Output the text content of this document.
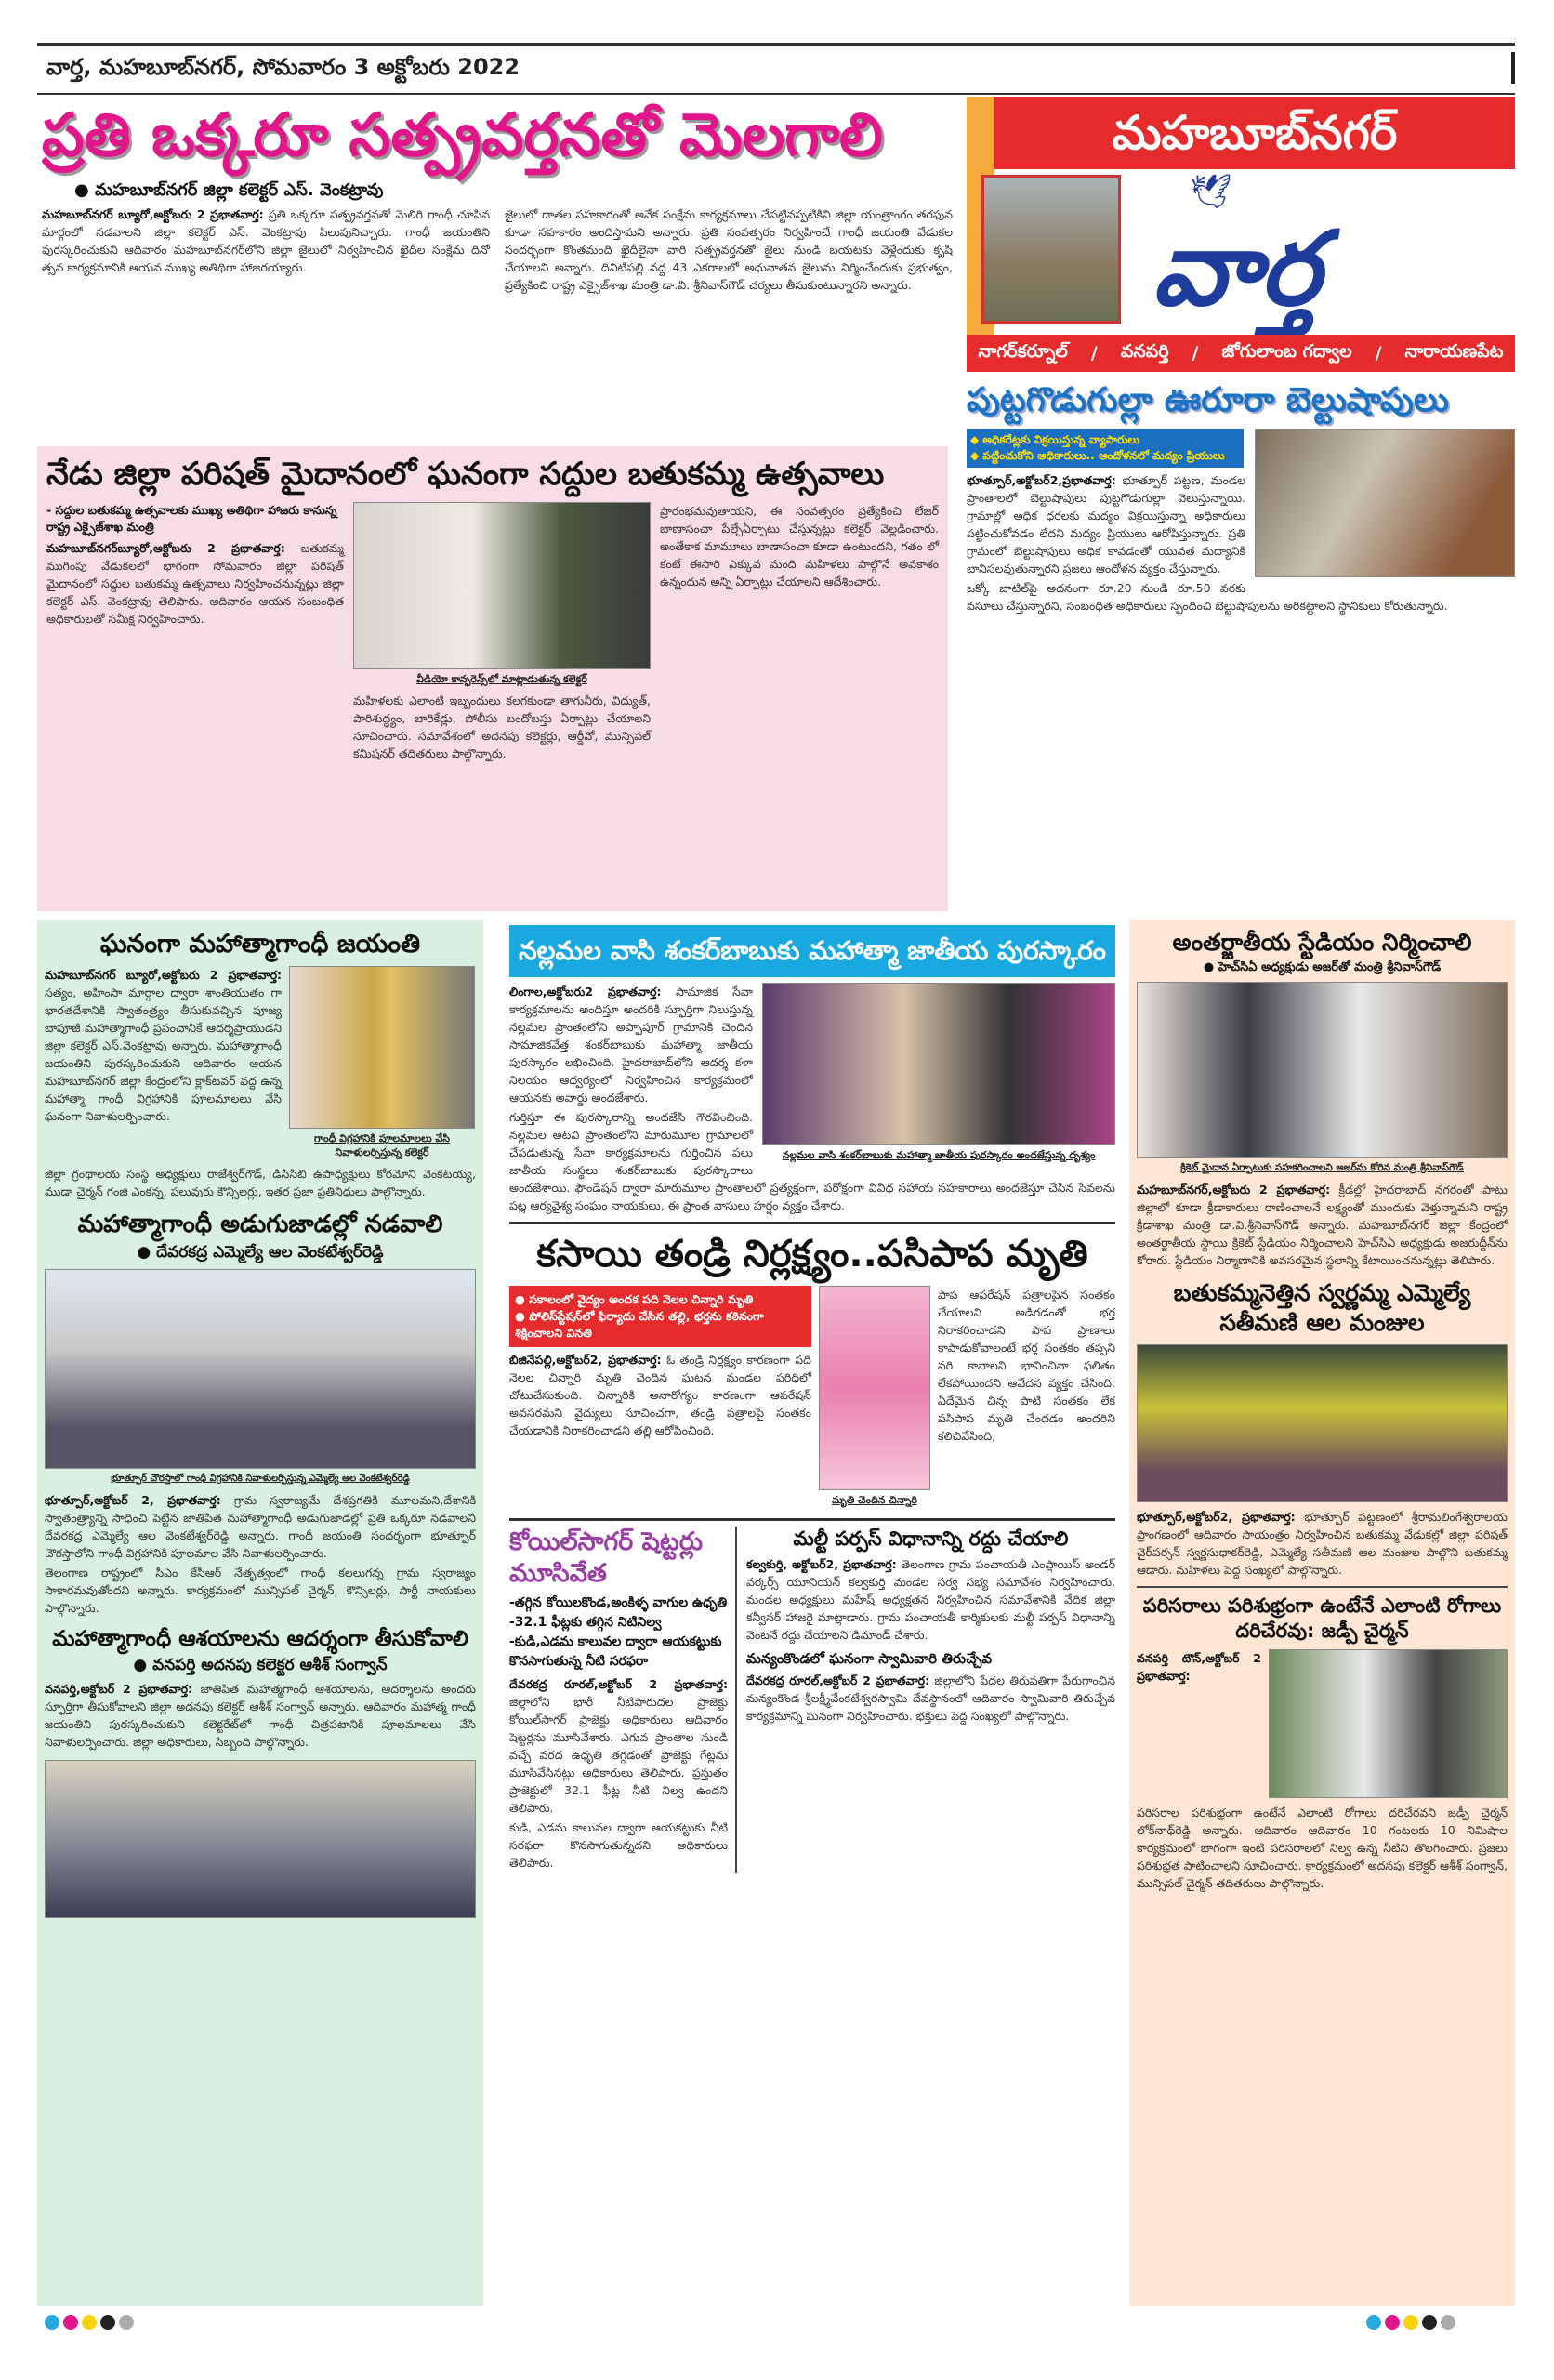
వార్త, మహబూబ్‌నగర్, సోమవారం 3 అక్టోబరు 2022
ప్రతి ఒక్కరూ సత్ప్రవర్తనతో మెలగాలి
● మహబూబ్‌నగర్ జిల్లా కలెక్టర్ ఎస్. వెంకట్రావు

మహబూబ్‌నగర్ బ్యూరో,అక్టోబరు 2 ప్రభాతవార్త: ప్రతి ఒక్కరూ సత్ప్రవర్తనతో మెలిగి గాంధీ చూపిన మార్గంలో నడవాలని జిల్లా కలెక్టర్ ఎస్. వెంకట్రావు పిలుపునిచ్చారు. గాంధీ జయంతిని పురస్కరించుకుని ఆదివారం మహబూబ్‌నగర్‌లోని జిల్లా జైలులో నిర్వహించిన ఖైదీల సంక్షేమ దినో త్సవ కార్యక్రమానికి ఆయన ముఖ్య అతిథిగా హాజరయ్యారు.

జైలులో దాతల సహకారంతో అనేక సంక్షేమ కార్యక్రమాలు చేపట్టినప్పటికిని జిల్లా యంత్రాంగం తరఫున కూడా సహకారం అందిస్తామని అన్నారు. ప్రతి సంవత్సరం నిర్వహించే గాంధీ జయంతి వేడుకల సందర్భంగా కొంతమంది ఖైదీలైనా వారి సత్ప్రవర్తనతో జైలు నుండి బయటకు వెళ్లేందుకు కృషి చేయాలని అన్నారు. దివిటిపల్లి వద్ద 43 ఎకరాలలో అధునాతన జైలును నిర్మించేందుకు ప్రభుత్వం, ప్రత్యేకించి రాష్ట్ర ఎక్సైజ్‌శాఖ మంత్రి డా.వి. శ్రీనివాస్‌గౌడ్ చర్యలు తీసుకుంటున్నారని అన్నారు.

మహబూబ్‌నగర్
వార్త
🕊
నాగర్‌కర్నూల్ / వనపర్తి / జోగులాంబ గద్వాల / నారాయణపేట
పుట్టగొడుగుల్లా ఊరూరా బెల్టుషాపులు
◆ అధికరేట్లకు విక్రయిస్తున్న వ్యాపారులు
◆ పట్టించుకోని అధికారులు.. ఆందోళనలో మద్యం ప్రియులు

భూత్పూర్,అక్టోబర్2,ప్రభాతవార్త: భూత్పూర్ పట్టణ, మండల ప్రాంతాలలో బెల్టుషాపులు పుట్టగొడుగుల్లా వెలుస్తున్నాయి. గ్రామాల్లో అధిక ధరలకు మద్యం విక్రయిస్తున్నా అధికారులు పట్టించుకోవడం లేదని మద్యం ప్రియులు ఆరోపిస్తున్నారు. ప్రతి గ్రామంలో బెల్టుషాపులు అధిక కావడంతో యువత మద్యానికి బానిసలవుతున్నారని ప్రజలు ఆందోళన వ్యక్తం చేస్తున్నారు.

ఒక్కో బాటిల్‌పై అదనంగా రూ.20 నుండి రూ.50 వరకు వసూలు చేస్తున్నారని, సంబంధిత అధికారులు స్పందించి బెల్టుషాపులను అరికట్టాలని స్థానికులు కోరుతున్నారు.

నేడు జిల్లా పరిషత్ మైదానంలో ఘనంగా సద్దుల బతుకమ్మ ఉత్సవాలు
- సద్దుల బతుకమ్మ ఉత్సవాలకు ముఖ్య అతిథిగా హాజరు కానున్న రాష్ట్ర ఎక్సైజ్‌శాఖ మంత్రి

మహబూబ్‌నగర్‌బ్యూరో,అక్టోబరు 2 ప్రభాతవార్త: బతుకమ్మ ముగింపు వేడుకలలో భాగంగా సోమవారం జిల్లా పరిషత్ మైదానంలో సద్దుల బతుకమ్మ ఉత్సవాలు నిర్వహించనున్నట్లు జిల్లా కలెక్టర్ ఎస్. వెంకట్రావు తెలిపారు. ఆదివారం ఆయన సంబంధిత అధికారులతో సమీక్ష నిర్వహించారు.

వీడియో కాన్ఫరెన్స్‌లో మాట్లాడుతున్న కలెక్టర్

మహిళలకు ఎలాంటి ఇబ్బందులు కలగకుండా తాగునీరు, విద్యుత్, పారిశుద్ధ్యం, బారికేడ్లు, పోలీసు బందోబస్తు ఏర్పాట్లు చేయాలని సూచించారు. సమావేశంలో అదనపు కలెక్టర్లు, ఆర్డీవో, మున్సిపల్ కమిషనర్ తదితరులు పాల్గొన్నారు.

ప్రారంభమవుతాయని, ఈ సంవత్సరం ప్రత్యేకించి లేజర్ బాణాసంచా పేల్చేఏర్పాటు చేస్తున్నట్లు కలెక్టర్ వెల్లడించారు. అంతేకాక మామూలు బాణాసంచా కూడా ఉంటుందని, గతం లో కంటే ఈసారి ఎక్కువ మంది మహిళలు పాల్గొనే అవకాశం ఉన్నందున అన్ని ఏర్పాట్లు చేయాలని ఆదేశించారు.

ఘనంగా మహాత్మాగాంధీ జయంతి

మహబూబ్‌నగర్ బ్యూరో,అక్టోబరు 2 ప్రభాతవార్త: సత్యం, అహింసా మార్గాల ద్వారా శాంతియుతం గా భారతదేశానికి స్వాతంత్ర్యం తీసుకువచ్చిన పూజ్య బాపూజీ మహాత్మాగాంధీ ప్రపంచానికే ఆదర్శప్రాయుడని జిల్లా కలెక్టర్ ఎస్.వెంకట్రావు అన్నారు. మహాత్మాగాంధీ జయంతిని పురస్కరించుకుని ఆదివారం ఆయన మహబూబ్‌నగర్ జిల్లా కేంద్రంలోని క్లాక్‌టవర్ వద్ద ఉన్న మహాత్మా గాంధీ విగ్రహానికి పూలమాలలు వేసి ఘనంగా నివాళులర్పించారు.

గాంధీ విగ్రహానికి పూలమాలలు వేసి నివాళులర్పిస్తున్న కలెక్టర్

జిల్లా గ్రంథాలయ సంస్థ అధ్యక్షులు రాజేశ్వర్‌గౌడ్, డిసిసిబి ఉపాధ్యక్షులు కోరమోని వెంకటయ్య, ముడా చైర్మన్ గంజి ఎంకన్న, పలువురు కౌన్సిలర్లు, ఇతర ప్రజా ప్రతినిధులు పాల్గొన్నారు.

మహాత్మాగాంధీ అడుగుజాడల్లో నడవాలి
● దేవరకద్ర ఎమ్మెల్యే ఆల వెంకటేశ్వర్‌రెడ్డి
భూత్పూర్ చౌరస్తాలో గాంధీ విగ్రహానికి నివాళులర్పిస్తున్న ఎమ్మెల్యే ఆల వెంకటేశ్వర్‌రెడ్డి

భూత్పూర్,అక్టోబర్ 2, ప్రభాతవార్త: గ్రామ స్వరాజ్యమే దేశప్రగతికి మూలమని,దేశానికి స్వాతంత్ర్యాన్ని సాధించి పెట్టిన జాతిపిత మహాత్మాగాంధీ అడుగుజాడల్లో ప్రతి ఒక్కరూ నడవాలని దేవరకద్ర ఎమ్మెల్యే ఆల వెంకటేశ్వర్‌రెడ్డి అన్నారు. గాంధీ జయంతి సందర్భంగా భూత్పూర్ చౌరస్తాలోని గాంధీ విగ్రహానికి పూలమాల వేసి నివాళులర్పించారు.

తెలంగాణ రాష్ట్రంలో సీఎం కేసీఆర్ నేతృత్వంలో గాంధీ కలలుగన్న గ్రామ స్వరాజ్యం సాకారమవుతోందని అన్నారు. కార్యక్రమంలో మున్సిపల్ చైర్మన్, కౌన్సిలర్లు, పార్టీ నాయకులు పాల్గొన్నారు.

మహాత్మాగాంధీ ఆశయాలను ఆదర్శంగా తీసుకోవాలి
● వనపర్తి అదనపు కలెక్టర ఆశీశ్ సంగ్వాన్

వనపర్తి,అక్టోబర్ 2 ప్రభాతవార్త: జాతిపిత మహాత్మగాంధీ ఆశయాలను, ఆదర్శాలను అందరు స్ఫూర్తిగా తీసుకోవాలని జిల్లా అదనపు కలెక్టర్ ఆశీశ్ సంగ్వాన్ అన్నారు. ఆదివారం మహాత్మ గాంధీ జయంతిని పురస్కరించుకుని కలెక్టరేట్‌లో గాంధీ చిత్రపటానికి పూలమాలలు వేసి నివాళులర్పించారు. జిల్లా అధికారులు, సిబ్బంది పాల్గొన్నారు.

నల్లమల వాసి శంకర్‌బాబుకు మహాత్మా జాతీయ పురస్కారం
నల్లమల వాసి శంకర్‌బాబుకు మహాత్మా జాతీయ పురస్కారం అందజేస్తున్న దృశ్యం

లింగాల,అక్టోబరు2 ప్రభాతవార్త: సామాజిక సేవా కార్యక్రమాలను అందిస్తూ అందరికి స్ఫూర్తిగా నిలుస్తున్న నల్లమల ప్రాంతంలోని అప్పాపూర్ గ్రామానికి చెందిన సామాజికవేత్త శంకర్‌బాబుకు మహాత్మా జాతీయ పురస్కారం లభించింది. హైదరాబాద్‌లోని ఆదర్శ కళా నిలయం ఆధ్వర్యంలో నిర్వహించిన కార్యక్రమంలో ఆయనకు అవార్డు అందజేశారు.

గుర్తిస్తూ ఈ పురస్కారాన్ని అందజేసి గౌరవించింది. నల్లమల అటవి ప్రాంతంలోని మారుమూల గ్రామాలలో చేపడుతున్న సేవా కార్యక్రమాలను గుర్తించిన పలు జాతీయ సంస్థలు శంకర్‌బాబుకు పురస్కారాలు అందజేశాయి. ఫౌండేషన్ ద్వారా మారుమూల ప్రాంతాలలో ప్రత్యక్షంగా, పరోక్షంగా వివిధ సహాయ సహకారాలు అందజేస్తూ చేసిన సేవలను పట్ల ఆర్యవైశ్య సంఘం నాయకులు, ఈ ప్రాంత వాసులు హర్షం వ్యక్తం చేశారు.

కసాయి తండ్రి నిర్లక్ష్యం..పసిపాప మృతి
● సకాలంలో వైద్యం అందక పది నెలల చిన్నారి మృతి
● పోలిస్‌స్టేషన్‌లో ఫిర్యాదు చేసిన తల్లి, భర్తను కఠినంగా శిక్షించాలని వినతి

బిజినేపల్లి,అక్టోబర్2, ప్రభాతవార్త: ఓ తండ్రి నిర్లక్ష్యం కారణంగా పది నెలల చిన్నారి మృతి చెందిన ఘటన మండల పరిధిలో చోటుచేసుకుంది. చిన్నారికి అనారోగ్యం కారణంగా ఆపరేషన్ అవసరమని వైద్యులు సూచించగా, తండ్రి పత్రాలపై సంతకం చేయడానికి నిరాకరించాడని తల్లి ఆరోపించింది.

మృతి చెందిన చిన్నారి

పాప ఆపరేషన్ పత్రాలపైన సంతకం చేయాలని అడిగడంతో భర్త నిరాకరించాడని పాప ప్రాణాలు కాపాడుకోవాలంటే భర్త సంతకం తప్పని సరి కావాలని భావించినా ఫలితం లేకపోయిందని ఆవేదన వ్యక్తం చేసింది. ఏదేమైన చిన్న పాటి సంతకం లేక పసిపాప మృతి చేందడం అందరిని కలిచివేసింది,

కోయిల్‌సాగర్ షెట్టర్లు మూసివేత
-తగ్గిన కోయిలకొండ,అంకిళ్ళ వాగుల ఉధృతి
-32.1 ఫీట్లకు తగ్గిన నిటినిల్వ
-కుడి,ఎడమ కాలువల ద్వారా ఆయకట్టుకు కొనసాగుతున్న నీటి సరఫరా

దేవరకద్ర రూరల్,అక్టోబర్ 2 ప్రభాతవార్త: జిల్లాలోని భారీ నీటిపారుదల ప్రాజెక్టు కోయిల్‌సాగర్ ప్రాజెక్టు అధికారులు ఆదివారం షెట్టర్లను మూసివేశారు. ఎగువ ప్రాంతాల నుండి వచ్చే వరద ఉధృతి తగ్గడంతో ప్రాజెక్టు గేట్లను మూసివేసినట్లు అధికారులు తెలిపారు. ప్రస్తుతం ప్రాజెక్టులో 32.1 ఫీట్ల నీటి నిల్వ ఉందని తెలిపారు.

కుడి, ఎడమ కాలువల ద్వారా ఆయకట్టుకు నీటి సరఫరా కొనసాగుతున్నదని అధికారులు తెలిపారు.

మల్టీ పర్పస్ విధానాన్ని రద్దు చేయాలి

కల్వకుర్తి, అక్టోబర్2, ప్రభాతవార్త: తెలంగాణ గ్రామ పంచాయతీ ఎంప్లాయిస్ అండర్ వర్కర్స్ యూనియన్ కల్వకుర్తి మండల సర్వ సభ్య సమావేశం నిర్వహించారు. మండల అధ్యక్షులు మహేష్ అధ్యక్షతన నిర్వహించిన సమావేశానికి వేదిక జిల్లా కన్వీనర్ హాజరై మాట్లాడారు. గ్రామ పంచాయతీ కార్మికులకు మల్టీ పర్పస్ విధానాన్ని వెంటనే రద్దు చేయాలని డిమాండ్ చేశారు.

మన్యంకొండలో ఘనంగా స్వామివారి తిరుచ్చేవ

దేవరకద్ర రూరల్,అక్టోబర్ 2 ప్రభాతవార్త: జిల్లాలోని పేదల తిరుపతిగా పేరుగాంచిన మన్యంకొండ శ్రీలక్ష్మీవేంకటేశ్వరస్వామి దేవస్థానంలో ఆదివారం స్వామివారి తిరుచ్చేవ కార్యక్రమాన్ని ఘనంగా నిర్వహించారు. భక్తులు పెద్ద సంఖ్యలో పాల్గొన్నారు.

అంతర్జాతీయ స్టేడియం నిర్మించాలి
● హెచ్‌సిఏ అధ్యక్షుడు అజర్‌తో మంత్రి శ్రీనివాస్‌గౌడ్
క్రికెట్ మైదాన ఏర్పాటుకు సహకరించాలని అజర్‌ను కోరిన మంత్రి శ్రీనివాస్‌గౌడ్

మహబూబ్‌నగర్,అక్టోబరు 2 ప్రభాతవార్త: క్రీడల్లో హైదరాబాద్ నగరంతో పాటు జిల్లాలో కూడా క్రీడాకారులు రాణించాలనే లక్ష్యంతో ముందుకు వెళ్తున్నామని రాష్ట్ర క్రీడాశాఖ మంత్రి డా.వి.శ్రీనివాస్‌గౌడ్ అన్నారు. మహబూబ్‌నగర్ జిల్లా కేంద్రంలో అంతర్జాతీయ స్థాయి క్రికెట్ స్టేడియం నిర్మించాలని హెచ్‌సిఏ అధ్యక్షుడు అజరుద్దీన్‌ను కోరారు. స్టేడియం నిర్మాణానికి అవసరమైన స్థలాన్ని కేటాయించనున్నట్లు తెలిపారు.

బతుకమ్మనెత్తిన స్వర్ణమ్మ ఎమ్మెల్యే సతీమణి ఆల మంజుల

భూత్పూర్,అక్టోబర్2, ప్రభాతవార్త: భూత్పూర్ పట్టణంలో శ్రీరామలింగేశ్వరాలయ ప్రాంగణంలో ఆదివారం సాయంత్రం నిర్వహించిన బతుకమ్మ వేడుకల్లో జిల్లా పరిషత్ చైర్‌పర్సన్ స్వర్ణసుధాకర్‌రెడ్డి, ఎమ్మెల్యే సతీమణి ఆల మంజుల పాల్గొని బతుకమ్మ ఆడారు. మహిళలు పెద్ద సంఖ్యలో పాల్గొన్నారు.

పరిసరాలు పరిశుభ్రంగా ఉంటేనే ఎలాంటి రోగాలు దరిచేరవు: జడ్పీ చైర్మన్

వనపర్తి టౌన్,అక్టోబర్ 2 ప్రభాతవార్త:

పరిసరాల పరిశుభ్రంగా ఉంటేనే ఎలాంటి రోగాలు దరిచేరవని జడ్పీ చైర్మన్ లోక్‌నాథ్‌రెడ్డి అన్నారు. ఆదివారం ఆదివారం 10 గంటలకు 10 నిమిషాల కార్యక్రమంలో భాగంగా ఇంటి పరిసరాలలో నిల్వ ఉన్న నీటిని తొలగించారు. ప్రజలు పరిశుభ్రత పాటించాలని సూచించారు. కార్యక్రమంలో అదనపు కలెక్టర్ ఆశీశ్ సంగ్వాన్, మున్సిపల్ చైర్మన్ తదితరులు పాల్గొన్నారు.
